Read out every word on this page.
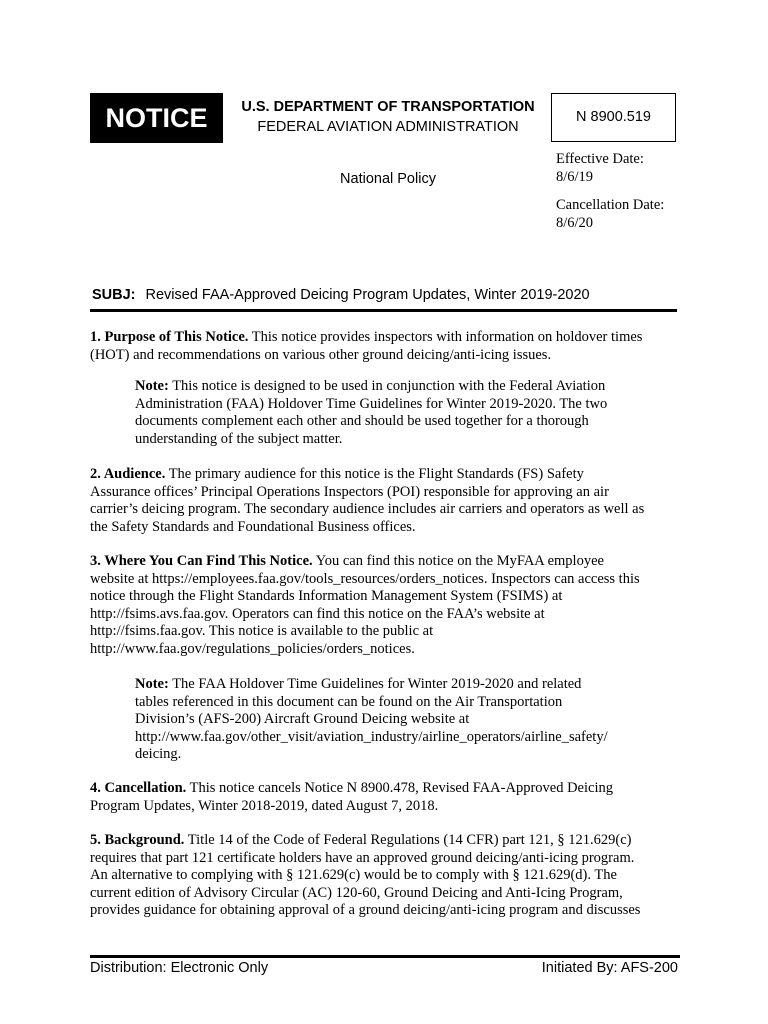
NOTICE	U.S. DEPARTMENT OF TRANSPORTATION
FEDERAL AVIATION ADMINISTRATION
N 8900.519
National Policy
Effective Date:
8/6/19
Cancellation Date:
8/6/20
SUBJ: Revised FAA-Approved Deicing Program Updates, Winter 2019-2020
1. Purpose of This Notice. This notice provides inspectors with information on holdover times
(HOT) and recommendations on various other ground deicing/anti-icing issues.
Note: This notice is designed to be used in conjunction with the Federal Aviation
Administration (FAA) Holdover Time Guidelines for Winter 2019-2020. The two
documents complement each other and should be used together for a thorough
understanding of the subject matter.
2. Audience. The primary audience for this notice is the Flight Standards (FS) Safety
Assurance offices’ Principal Operations Inspectors (POI) responsible for approving an air
carrier’s deicing program. The secondary audience includes air carriers and operators as well as
the Safety Standards and Foundational Business offices.
3. Where You Can Find This Notice. You can find this notice on the MyFAA employee
website at https://employees.faa.gov/tools_resources/orders_notices. Inspectors can access this
notice through the Flight Standards Information Management System (FSIMS) at
http://fsims.avs.faa.gov. Operators can find this notice on the FAA’s website at
http://fsims.faa.gov. This notice is available to the public at
http://www.faa.gov/regulations_policies/orders_notices.
Note: The FAA Holdover Time Guidelines for Winter 2019-2020 and related
tables referenced in this document can be found on the Air Transportation
Division’s (AFS-200) Aircraft Ground Deicing website at
http://www.faa.gov/other_visit/aviation_industry/airline_operators/airline_safety/
deicing.
4. Cancellation. This notice cancels Notice N 8900.478, Revised FAA-Approved Deicing
Program Updates, Winter 2018-2019, dated August 7, 2018.
5. Background. Title 14 of the Code of Federal Regulations (14 CFR) part 121, § 121.629(c)
requires that part 121 certificate holders have an approved ground deicing/anti-icing program.
An alternative to complying with § 121.629(c) would be to comply with § 121.629(d). The
current edition of Advisory Circular (AC) 120-60, Ground Deicing and Anti-Icing Program,
provides guidance for obtaining approval of a ground deicing/anti-icing program and discusses
Distribution: Electronic Only	Initiated By: AFS-200
